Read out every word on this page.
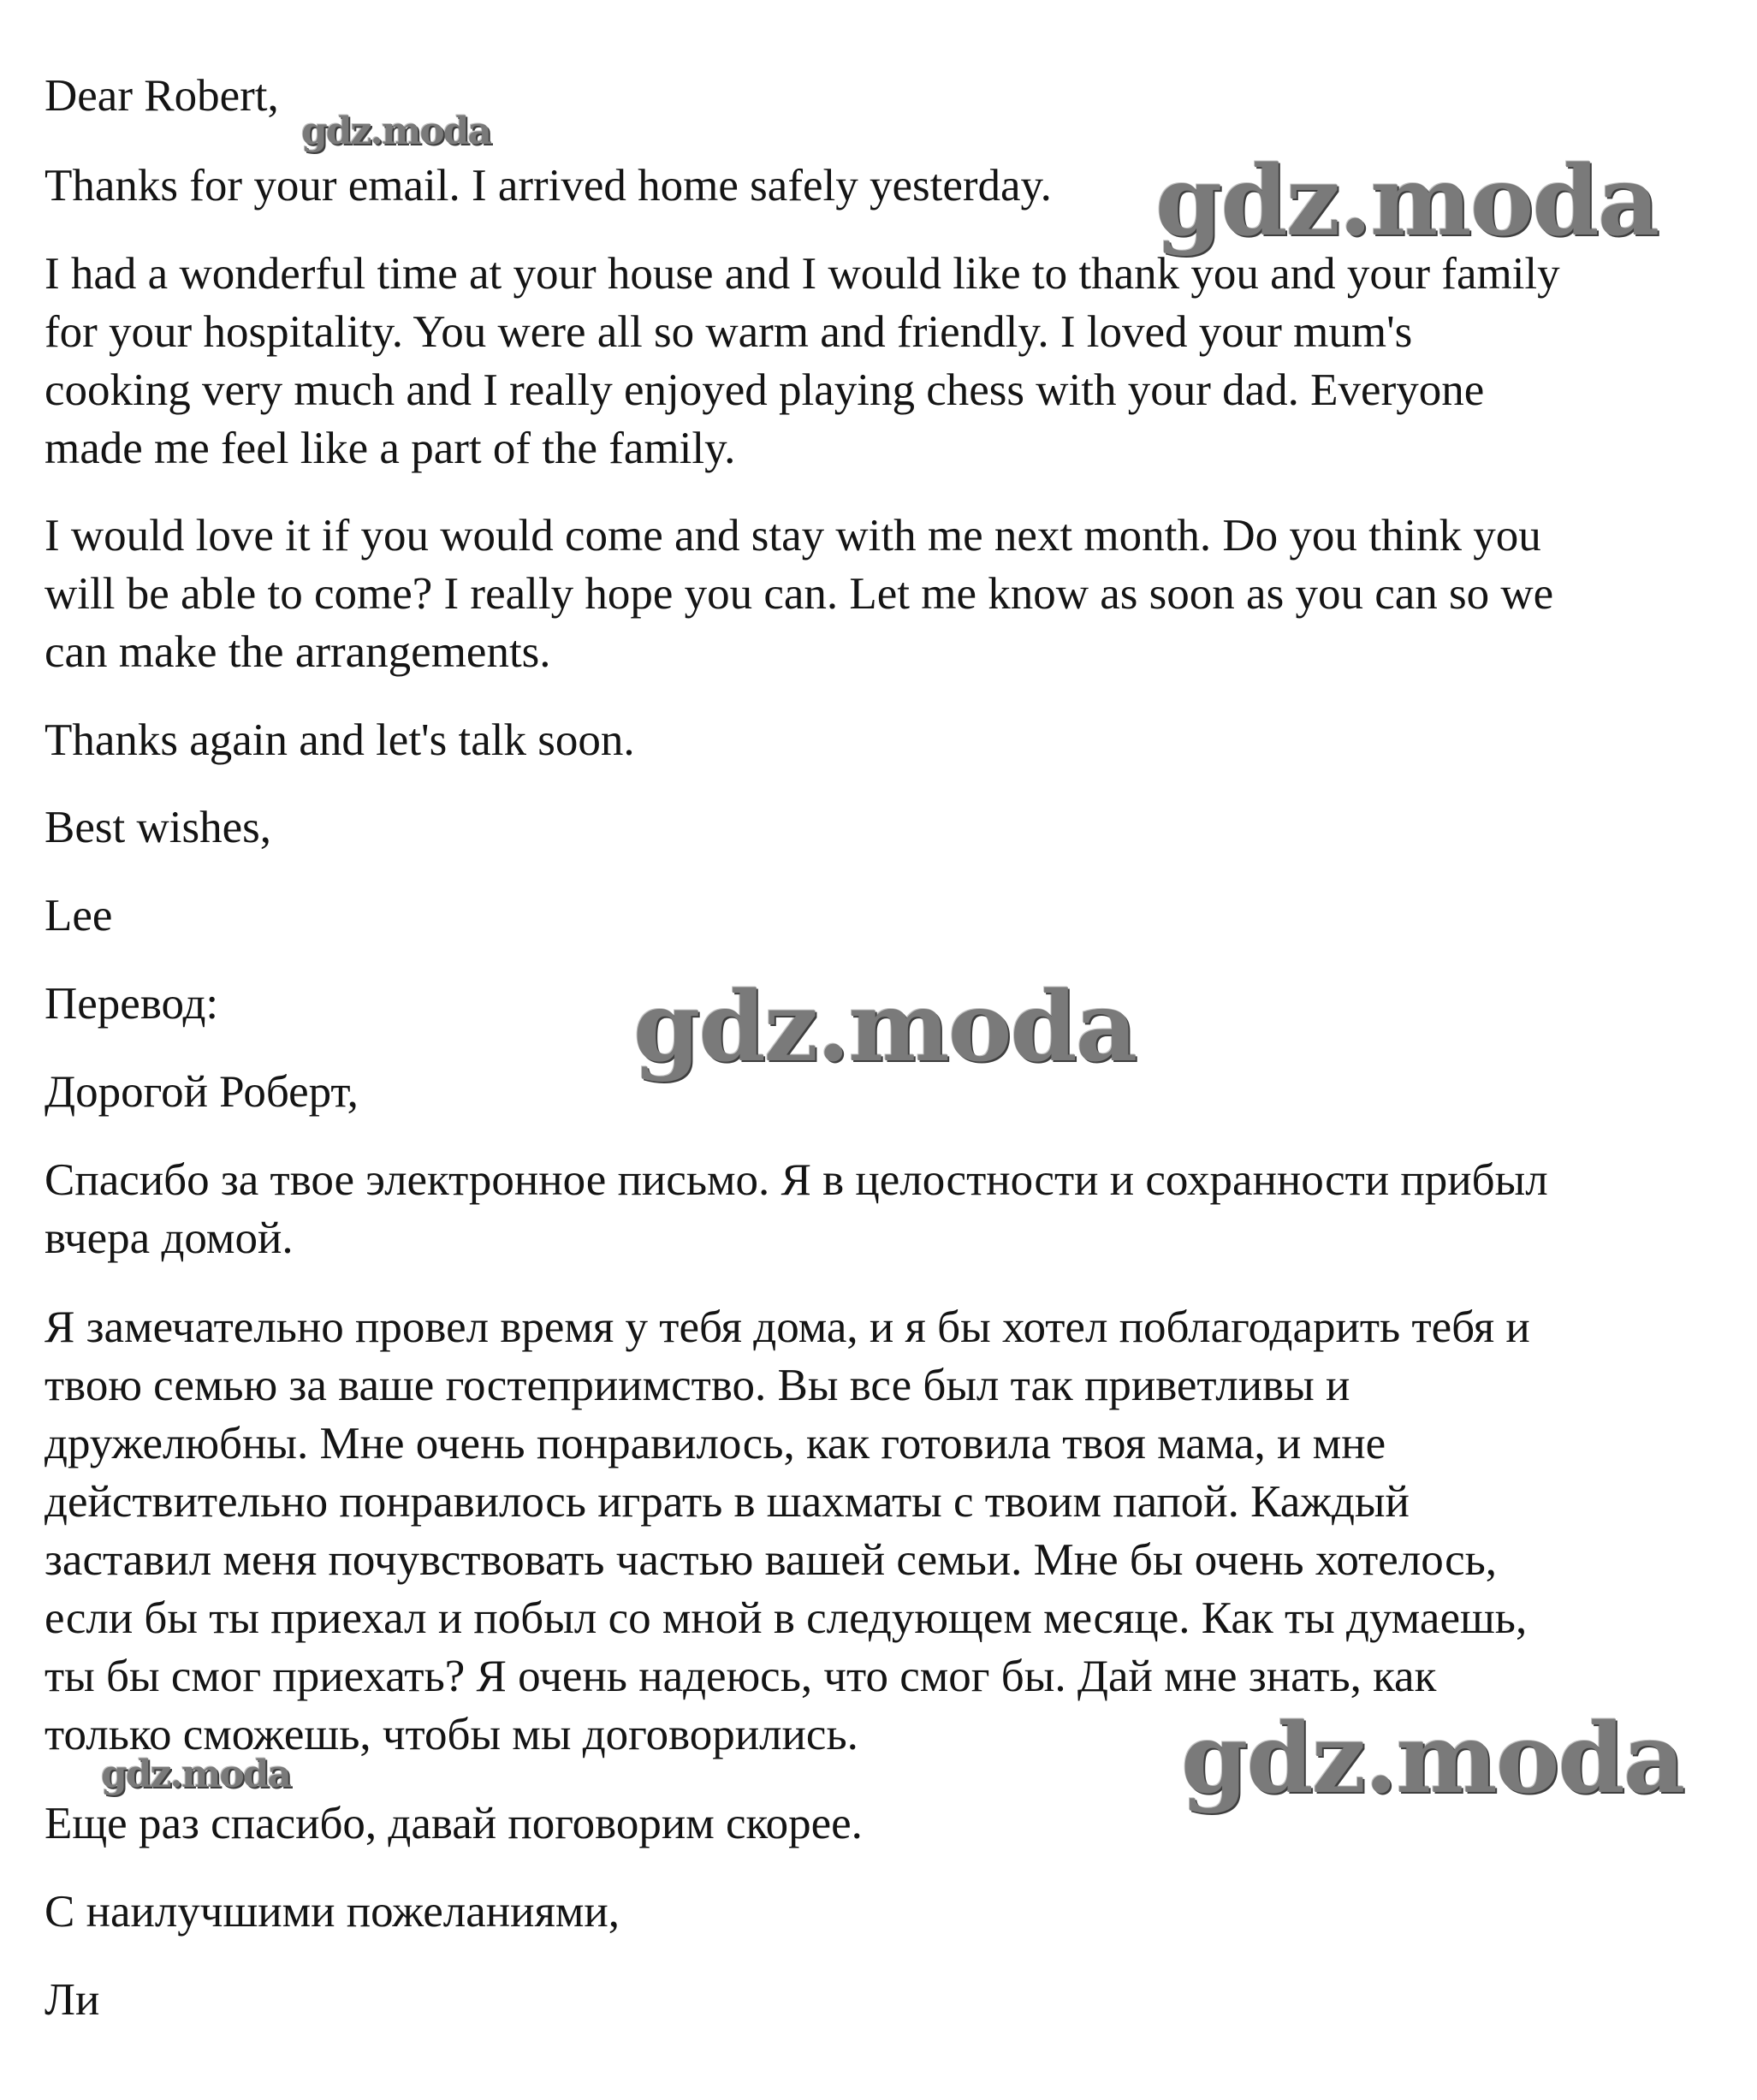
Dear Robert,

Thanks for your email. I arrived home safely yesterday.

I had a wonderful time at your house and I would like to thank you and your family
for your hospitality. You were all so warm and friendly. I loved your mum's
cooking very much and I really enjoyed playing chess with your dad. Everyone
made me feel like a part of the family.

I would love it if you would come and stay with me next month. Do you think you
will be able to come? I really hope you can. Let me know as soon as you can so we
can make the arrangements.

Thanks again and let's talk soon.

Best wishes,

Lee

Перевод:

Дорогой Роберт,

Спасибо за твое электронное письмо. Я в целостности и сохранности прибыл
вчера домой.

Я замечательно провел время у тебя дома, и я бы хотел поблагодарить тебя и
твою семью за ваше гостеприимство. Вы все был так приветливы и
дружелюбны. Мне очень понравилось, как готовила твоя мама, и мне
действительно понравилось играть в шахматы с твоим папой. Каждый
заставил меня почувствовать частью вашей семьи. Мне бы очень хотелось,
если бы ты приехал и побыл со мной в следующем месяце. Как ты думаешь,
ты бы смог приехать? Я очень надеюсь, что смог бы. Дай мне знать, как
только сможешь, чтобы мы договорились.

Еще раз спасибо, давай поговорим скорее.

С наилучшими пожеланиями,

Ли

gdz.moda
gdz.moda
gdz.moda
gdz.moda
gdz.moda
